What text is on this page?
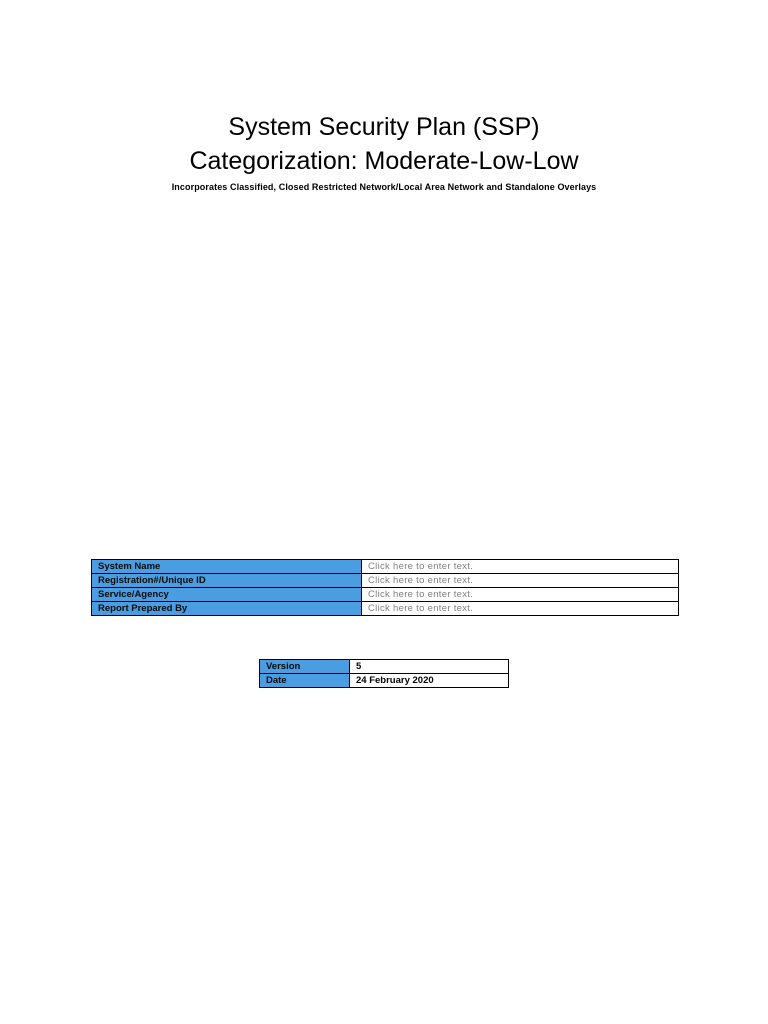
System Security Plan (SSP)
Categorization: Moderate-Low-Low
Incorporates Classified, Closed Restricted Network/Local Area Network and Standalone Overlays
System Name	Click here to enter text.
Registration#/Unique ID	Click here to enter text.
Service/Agency	Click here to enter text.
Report Prepared By	Click here to enter text.
Version	5
Date	24 February 2020
